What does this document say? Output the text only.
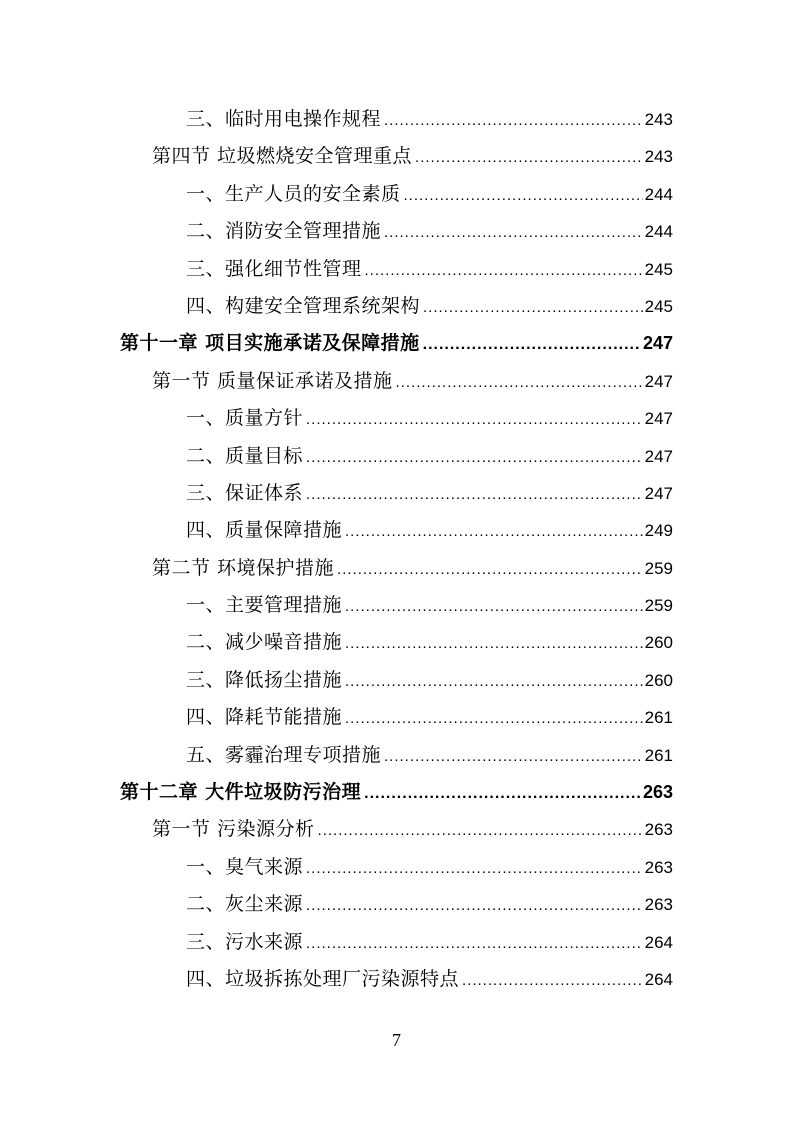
三、临时用电操作规程 .....	243
第四节 垃圾燃烧安全管理重点 .....	243
一、生产人员的安全素质 .....	244
二、消防安全管理措施 .....	244
三、强化细节性管理 .....	245
四、构建安全管理系统架构 .....	245
第十一章 项目实施承诺及保障措施 .....	247
第一节 质量保证承诺及措施 .....	247
一、质量方针 .....	247
二、质量目标 .....	247
三、保证体系 .....	247
四、质量保障措施 .....	249
第二节 环境保护措施 .....	259
一、主要管理措施 .....	259
二、减少噪音措施 .....	260
三、降低扬尘措施 .....	260
四、降耗节能措施 .....	261
五、雾霾治理专项措施 .....	261
第十二章 大件垃圾防污治理 .....	263
第一节 污染源分析 .....	263
一、臭气来源 .....	263
二、灰尘来源 .....	263
三、污水来源 .....	264
四、垃圾拆拣处理厂污染源特点 .....	264
7
